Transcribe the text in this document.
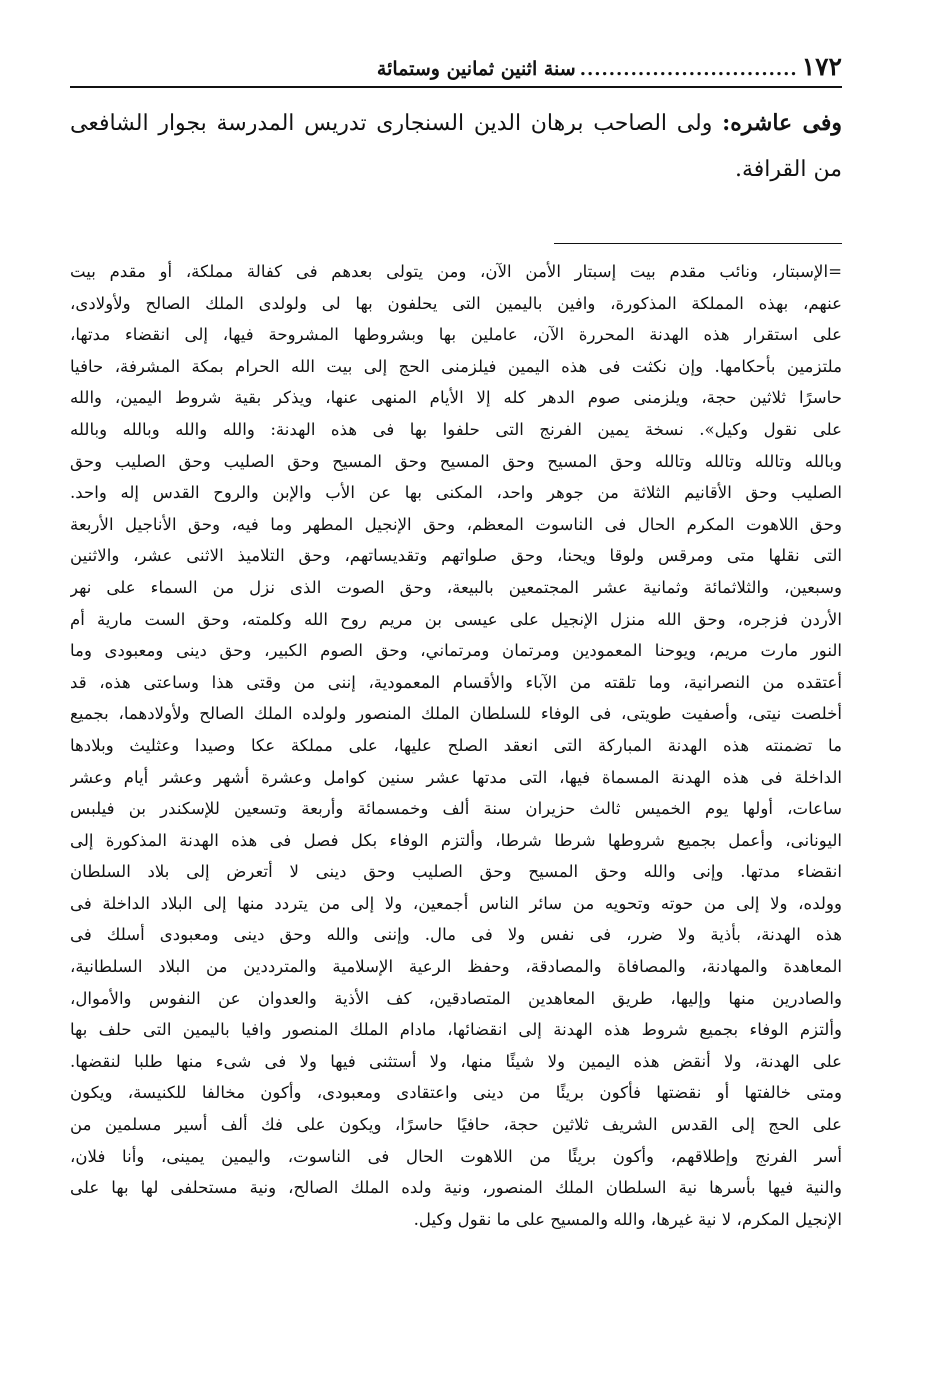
١٧٢
..............................
سنة اثنين ثمانين وستمائة
وفى عاشره: ولى الصاحب برهان الدين السنجارى تدريس المدرسة بجوار الشافعى من القرافة.
=الإسبتار، ونائب مقدم بيت إسبتار الأمن الآن، ومن يتولى بعدهم فى كفالة مملكة، أو مقدم بيت
عنهم، بهذه المملكة المذكورة، وافين باليمين التى يحلفون بها لى ولولدى الملك الصالح ولأولادى،
على استقرار هذه الهدنة المحررة الآن، عاملين بها وبشروطها المشروحة فيها، إلى انقضاء مدتها،
ملتزمين بأحكامها. وإن نكثت فى هذه اليمين فيلزمنى الحج إلى بيت الله الحرام بمكة المشرفة، حافيا
حاسرًا ثلاثين حجة، ويلزمنى صوم الدهر كله إلا الأيام المنهى عنها، ويذكر بقية شروط اليمين، والله
على نقول وكيل». نسخة يمين الفرنج التى حلفوا بها فى هذه الهدنة: والله والله وبالله وبالله
وبالله وتالله وتالله وتالله وحق المسيح وحق المسيح وحق المسيح وحق الصليب وحق الصليب وحق
الصليب وحق الأقانيم الثلاثة من جوهر واحد، المكنى بها عن الأب والإبن والروح القدس إله واحد.
وحق اللاهوت المكرم الحال فى الناسوت المعظم، وحق الإنجيل المطهر وما فيه، وحق الأناجيل الأربعة
التى نقلها متى ومرقس ولوقا ويحنا، وحق صلواتهم وتقديساتهم، وحق التلاميذ الاثنى عشر، والاثنين
وسبعين، والثلاثمائة وثمانية عشر المجتمعين بالبيعة، وحق الصوت الذى نزل من السماء على نهر
الأردن فزجره، وحق الله منزل الإنجيل على عيسى بن مريم روح الله وكلمته، وحق الست مارية أم
النور مارت مريم، ويوحنا المعمودين ومرتمان ومرتماني، وحق الصوم الكبير، وحق دينى ومعبودى وما
أعتقده من النصرانية، وما تلقته من الآباء والأقسام المعمودية، إننى من وقتى هذا وساعتى هذه، قد
أخلصت نيتى، وأصفيت طويتى، فى الوفاء للسلطان الملك المنصور ولولده الملك الصالح ولأولادهما، بجميع
ما تضمنته هذه الهدنة المباركة التى انعقد الصلح عليها، على مملكة عكا وصيدا وعثليث وبلادها
الداخلة فى هذه الهدنة المسماة فيها، التى مدتها عشر سنين كوامل وعشرة أشهر وعشر أيام وعشر
ساعات، أولها يوم الخميس ثالث حزيران سنة ألف وخمسمائة وأربعة وتسعين للإسكندر بن فيلبس
اليونانى، وأعمل بجميع شروطها شرطا شرطا، وألتزم الوفاء بكل فصل فى هذه الهدنة المذكورة إلى
انقضاء مدتها. وإنى والله وحق المسيح وحق الصليب وحق دينى لا أتعرض إلى بلاد السلطان
وولده، ولا إلى من حوته وتحويه من سائر الناس أجمعين، ولا إلى من يتردد منها إلى البلاد الداخلة فى
هذه الهدنة، بأذية ولا ضرر، فى نفس ولا فى مال. وإننى والله وحق دينى ومعبودى أسلك فى
المعاهدة والمهادنة، والمصافاة والمصادقة، وحفظ الرعية الإسلامية والمترددين من البلاد السلطانية،
والصادرين منها وإليها، طريق المعاهدين المتصادقين، كف الأذية والعدوان عن النفوس والأموال،
وألتزم الوفاء بجميع شروط هذه الهدنة إلى انقضائها، مادام الملك المنصور وافيا باليمين التى حلف بها
على الهدنة، ولا أنقض هذه اليمين ولا شيئًا منها، ولا أستثنى فيها ولا فى شىء منها طلبا لنقضها.
ومتى خالفتها أو نقضتها فأكون بريئًا من دينى واعتقادى ومعبودى، وأكون مخالفا للكنيسة، ويكون
على الحج إلى القدس الشريف ثلاثين حجة، حافيًا حاسرًا، ويكون على فك ألف أسير مسلمين من
أسر الفرنج وإطلاقهم، وأكون بريئًا من اللاهوت الحال فى الناسوت، واليمين يمينى، وأنا فلان،
والنية فيها بأسرها نية السلطان الملك المنصور، ونية ولده الملك الصالح، ونية مستحلفى لها بها على
الإنجيل المكرم، لا نية غيرها، والله والمسيح على ما نقول وكيل.
